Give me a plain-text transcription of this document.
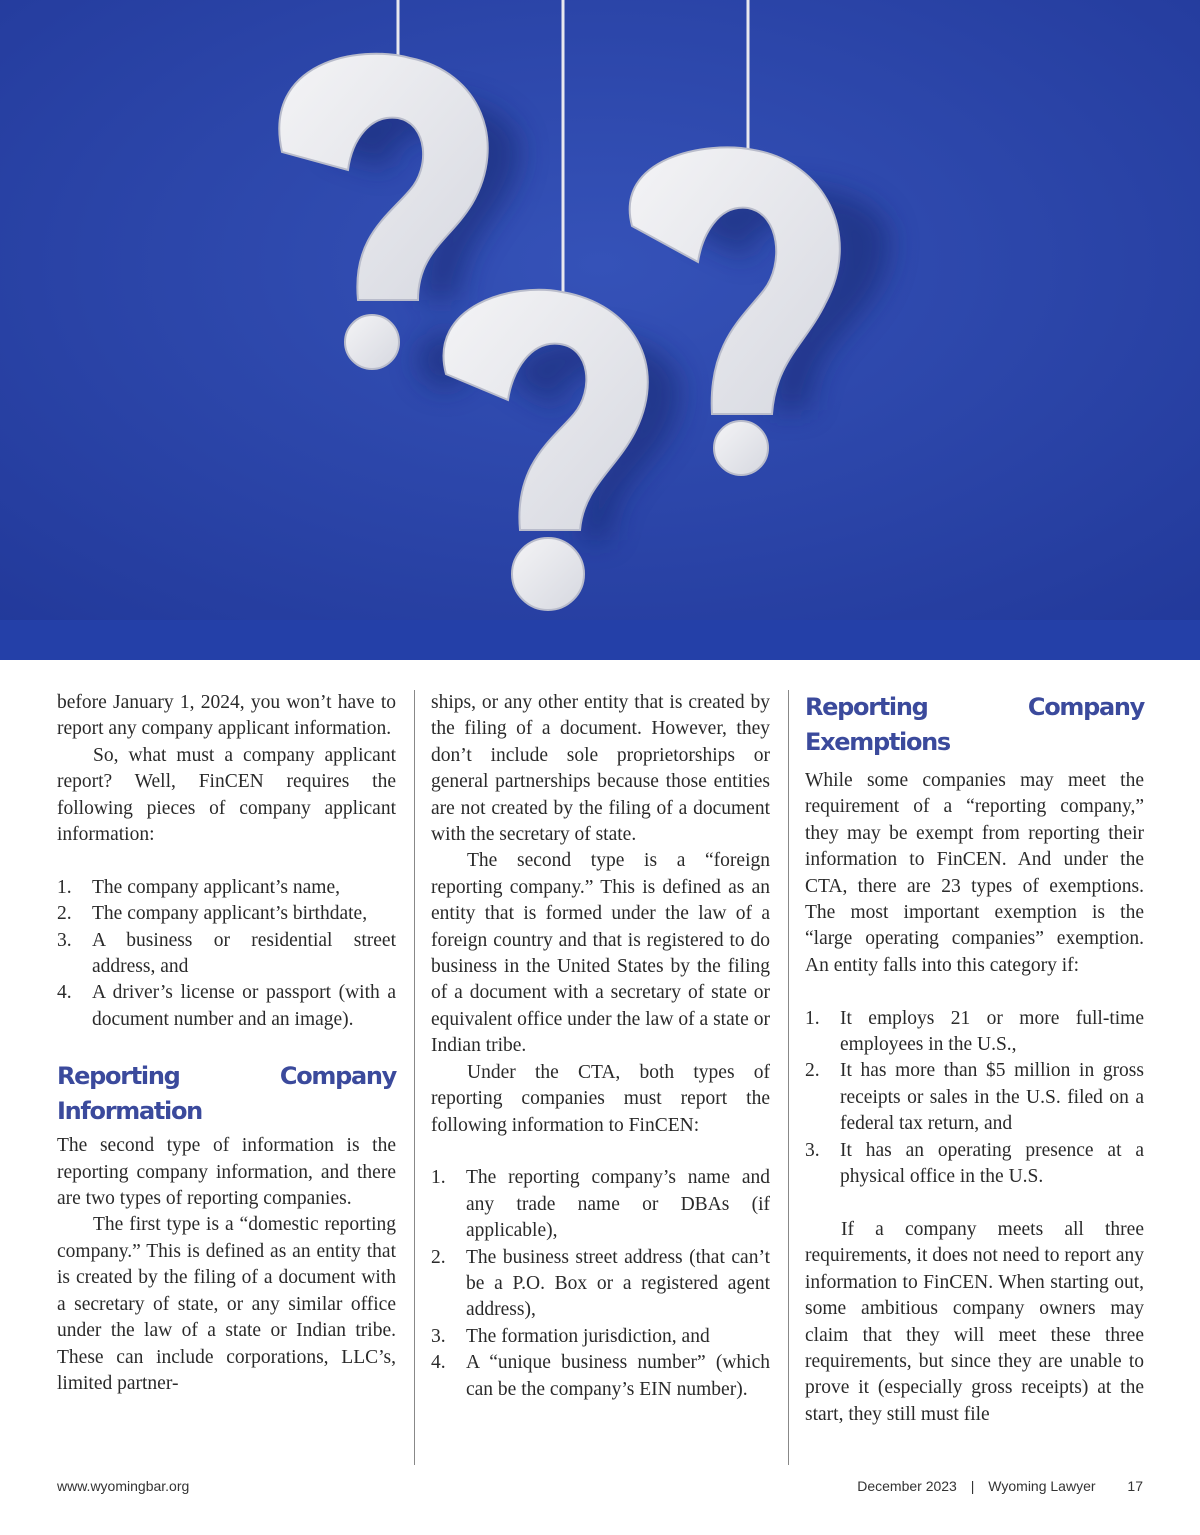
before January 1, 2024, you won’t have to report any company applicant information.

So, what must a company applicant report? Well, FinCEN requires the following pieces of company applicant information:

1. The company applicant’s name,
2. The company applicant’s birthdate,
3. A business or residential street address, and
4. A driver’s license or passport (with a document number and an image).
Reporting Company Information

The second type of information is the reporting company information, and there are two types of reporting companies.

The first type is a “domestic reporting company.” This is defined as an entity that is created by the filing of a document with a secretary of state, or any similar office under the law of a state or Indian tribe. These can include corporations, LLC’s, limited partner-

ships, or any other entity that is created by the filing of a document. However, they don’t include sole proprietorships or general partnerships because those entities are not created by the filing of a document with the secretary of state.

The second type is a “foreign reporting company.” This is defined as an entity that is formed under the law of a foreign country and that is registered to do business in the United States by the filing of a document with a secretary of state or equivalent office under the law of a state or Indian tribe.

Under the CTA, both types of reporting companies must report the following information to FinCEN:

1. The reporting company’s name and any trade name or DBAs (if applicable),
2. The business street address (that can’t be a P.O. Box or a registered agent address),
3. The formation jurisdiction, and
4. A “unique business number” (which can be the company’s EIN number).
Reporting Company Exemptions

While some companies may meet the requirement of a “reporting company,” they may be exempt from reporting their information to FinCEN. And under the CTA, there are 23 types of exemptions. The most important exemption is the “large operating companies” exemption. An entity falls into this category if:

1. It employs 21 or more full-time employees in the U.S.,
2. It has more than $5 million in gross receipts or sales in the U.S. filed on a federal tax return, and
3. It has an operating presence at a physical office in the U.S.

If a company meets all three requirements, it does not need to report any information to FinCEN. When starting out, some ambitious company owners may claim that they will meet these three requirements, but since they are unable to prove it (especially gross receipts) at the start, they still must file

www.wyomingbar.org	December 2023 | Wyoming Lawyer 17
